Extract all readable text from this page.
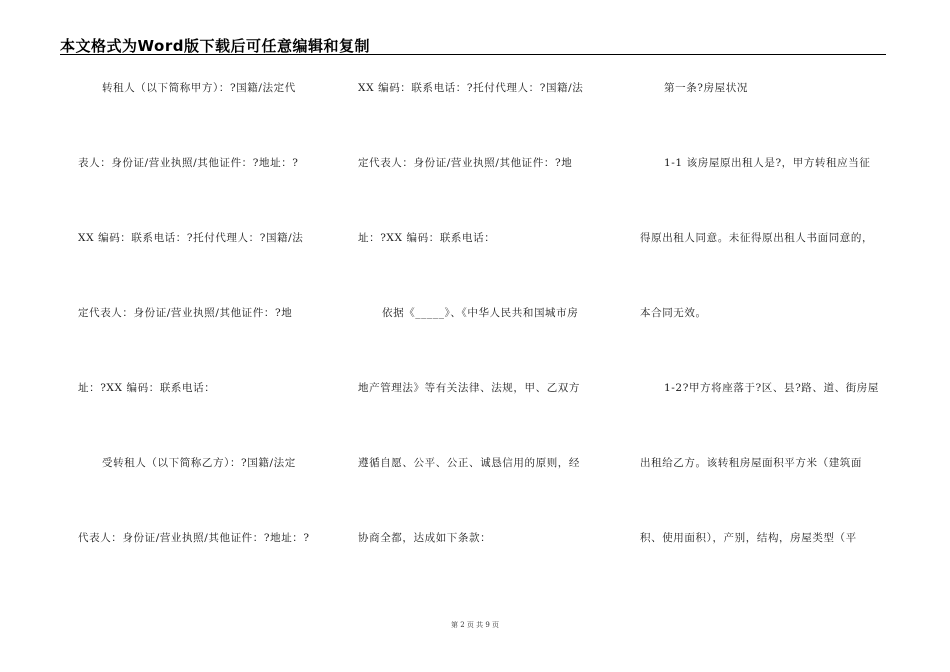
本文格式为Word版下载后可任意编辑和复制
转租人（以下简称甲方）：?国籍/法定代
表人：身份证/营业执照/其他证件：?地址：?
XX 编码：联系电话：?托付代理人：?国籍/法
定代表人：身份证/营业执照/其他证件：?地
址：?XX 编码：联系电话：
受转租人（以下简称乙方）：?国籍/法定
代表人：身份证/营业执照/其他证件：?地址：?
XX 编码：联系电话：?托付代理人：?国籍/法
定代表人：身份证/营业执照/其他证件：?地
址：?XX 编码：联系电话：
依据《_____》、《中华人民共和国城市房
地产管理法》等有关法律、法规，甲、乙双方
遵循自愿、公平、公正、诚恳信用的原则，经
协商全都，达成如下条款：
第一条?房屋状况
1-1 该房屋原出租人是?，甲方转租应当征
得原出租人同意。未征得原出租人书面同意的，
本合同无效。
1-2?甲方将座落于?区、县?路、道、街房屋
出租给乙方。该转租房屋面积平方米（建筑面
积、使用面积），产别，结构，房屋类型（平
第 2 页 共 9 页
